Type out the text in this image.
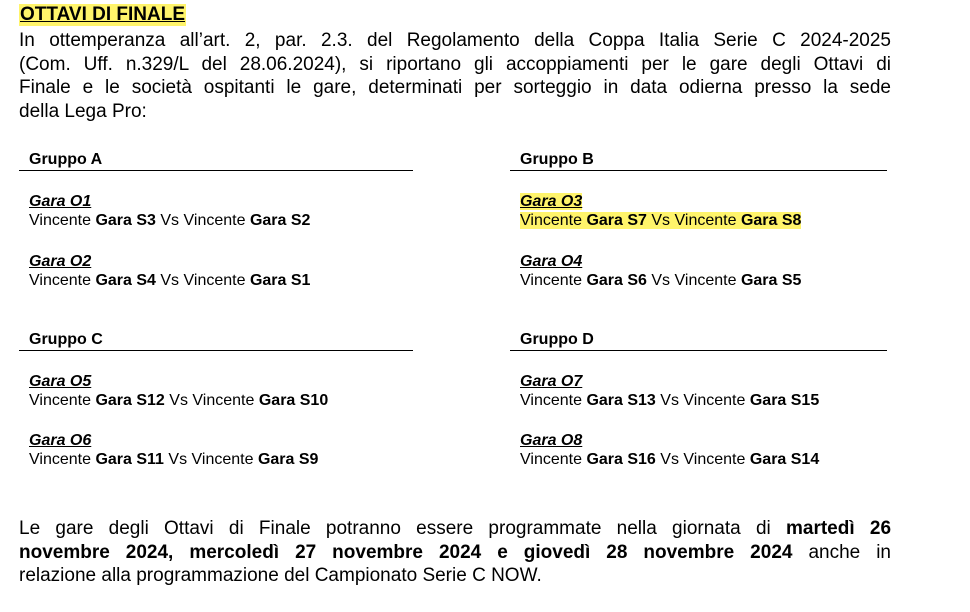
OTTAVI DI FINALE
In ottemperanza all’art. 2, par. 2.3. del Regolamento della Coppa Italia Serie C 2024-2025
(Com. Uff. n.329/L del 28.06.2024), si riportano gli accoppiamenti per le gare degli Ottavi di
Finale e le società ospitanti le gare, determinati per sorteggio in data odierna presso la sede
della Lega Pro:
Gruppo A
Gara O1
Vincente Gara S3 Vs Vincente Gara S2
Gara O2
Vincente Gara S4 Vs Vincente Gara S1
Gruppo B
Gara O3
Vincente Gara S7 Vs Vincente Gara S8
Gara O4
Vincente Gara S6 Vs Vincente Gara S5
Gruppo C
Gara O5
Vincente Gara S12 Vs Vincente Gara S10
Gara O6
Vincente Gara S11 Vs Vincente Gara S9
Gruppo D
Gara O7
Vincente Gara S13 Vs Vincente Gara S15
Gara O8
Vincente Gara S16 Vs Vincente Gara S14
Le gare degli Ottavi di Finale potranno essere programmate nella giornata di martedì 26
novembre 2024, mercoledì 27 novembre 2024 e giovedì 28 novembre 2024 anche in
relazione alla programmazione del Campionato Serie C NOW.
